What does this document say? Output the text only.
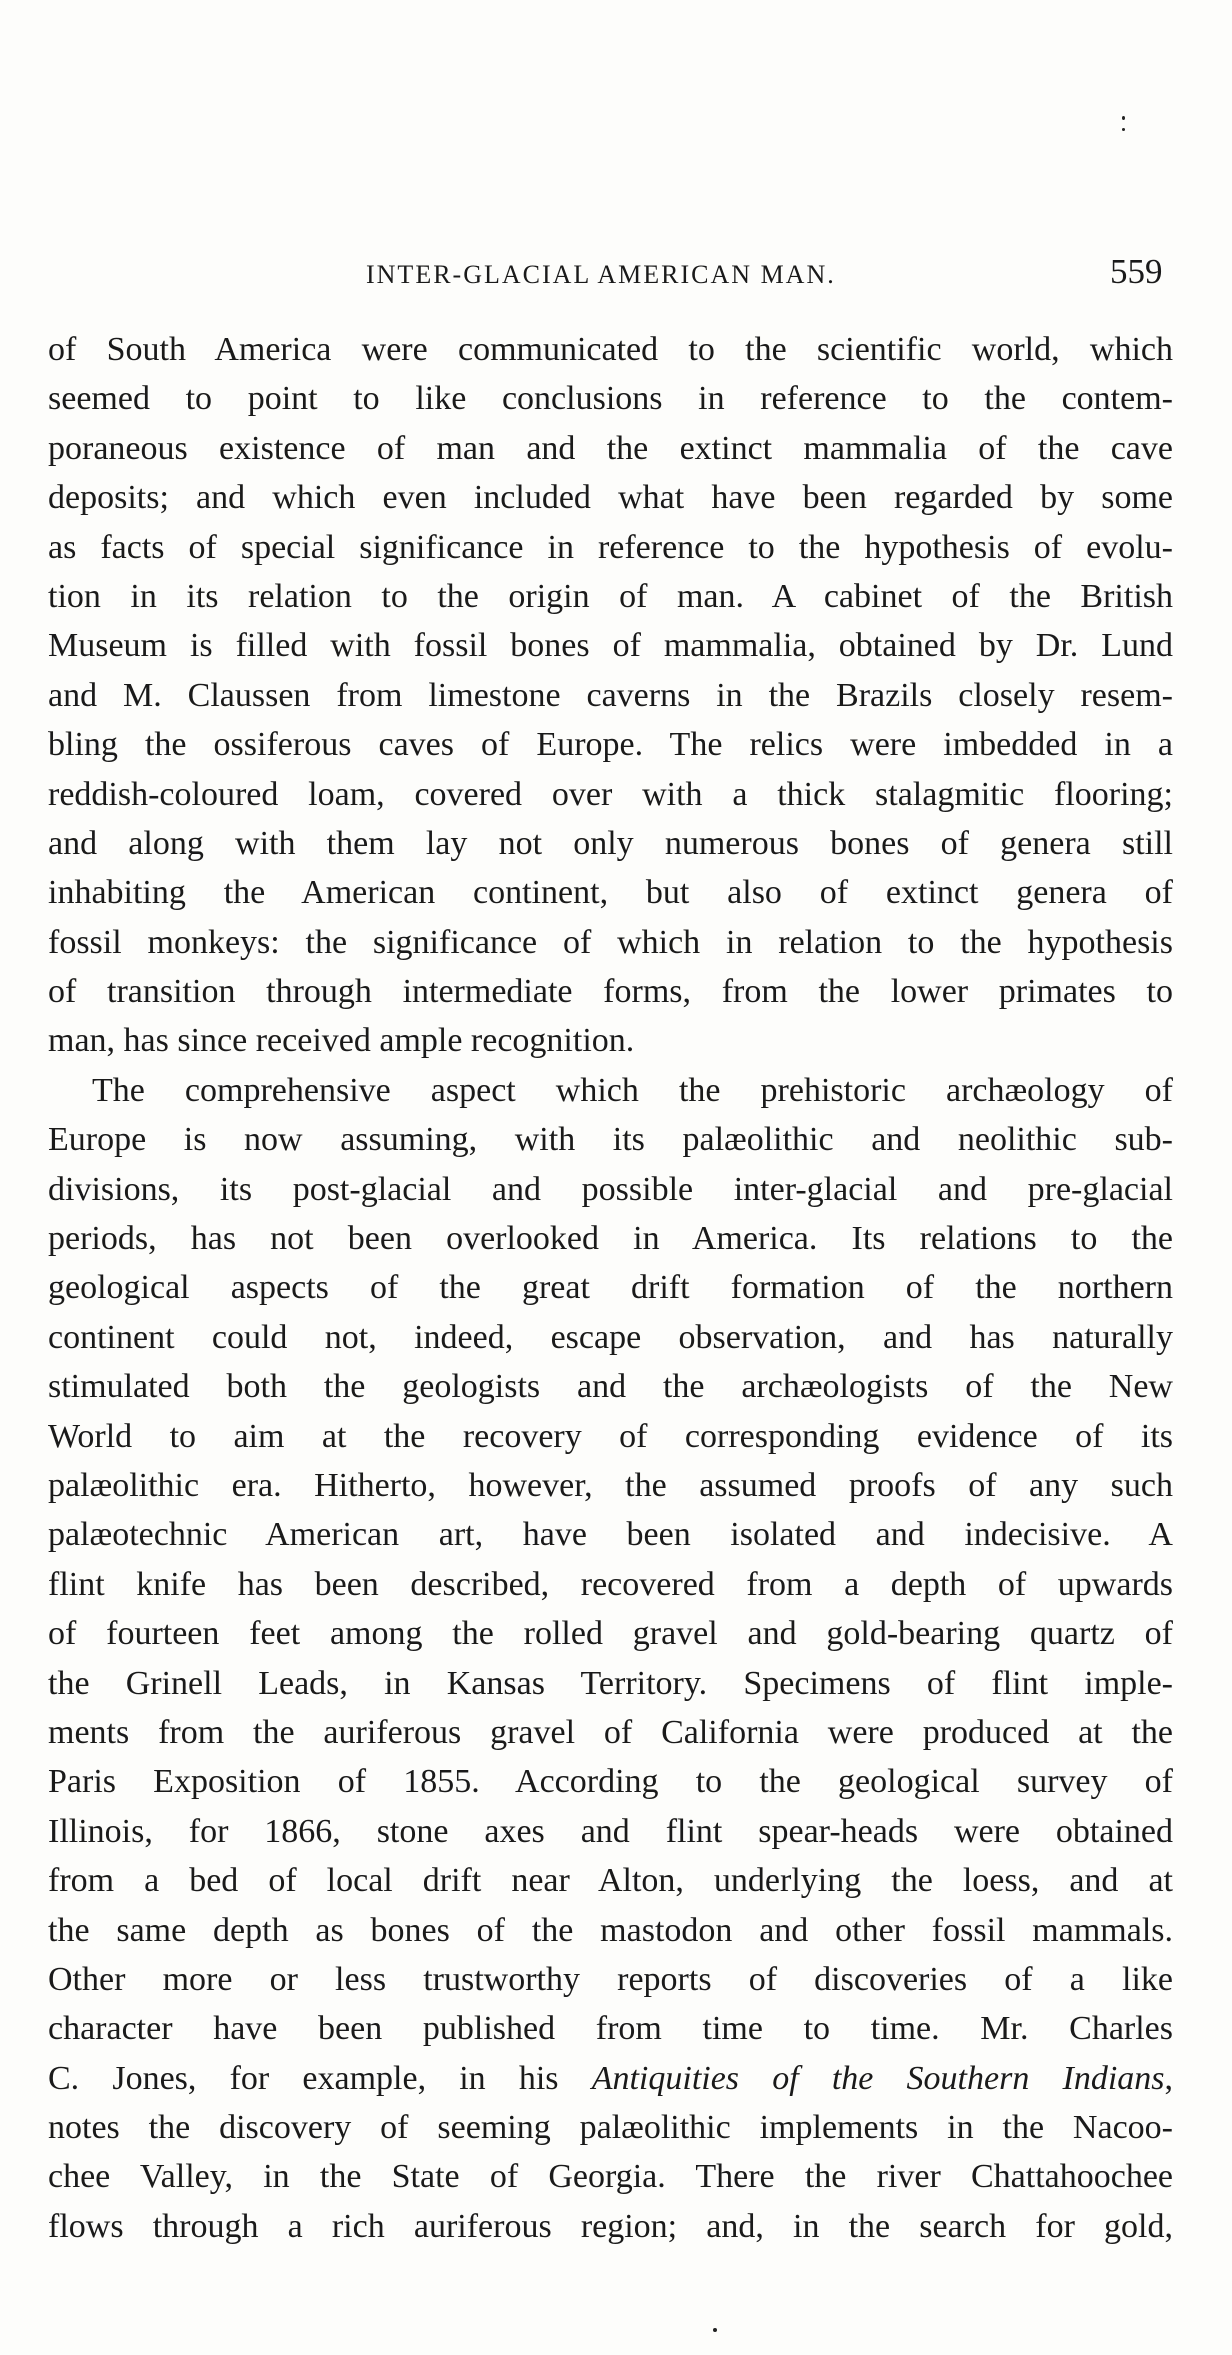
INTER-GLACIAL AMERICAN MAN.	559
of South America were communicated to the scientific world, which
seemed to point to like conclusions in reference to the contem-
poraneous existence of man and the extinct mammalia of the cave
deposits; and which even included what have been regarded by some
as facts of special significance in reference to the hypothesis of evolu-
tion in its relation to the origin of man. A cabinet of the British
Museum is filled with fossil bones of mammalia, obtained by Dr. Lund
and M. Claussen from limestone caverns in the Brazils closely resem-
bling the ossiferous caves of Europe. The relics were imbedded in a
reddish-coloured loam, covered over with a thick stalagmitic flooring;
and along with them lay not only numerous bones of genera still
inhabiting the American continent, but also of extinct genera of
fossil monkeys: the significance of which in relation to the hypothesis
of transition through intermediate forms, from the lower primates to
man, has since received ample recognition.
The comprehensive aspect which the prehistoric archæology of
Europe is now assuming, with its palæolithic and neolithic sub-
divisions, its post-glacial and possible inter-glacial and pre-glacial
periods, has not been overlooked in America. Its relations to the
geological aspects of the great drift formation of the northern
continent could not, indeed, escape observation, and has naturally
stimulated both the geologists and the archæologists of the New
World to aim at the recovery of corresponding evidence of its
palæolithic era. Hitherto, however, the assumed proofs of any such
palæotechnic American art, have been isolated and indecisive. A
flint knife has been described, recovered from a depth of upwards
of fourteen feet among the rolled gravel and gold-bearing quartz of
the Grinell Leads, in Kansas Territory. Specimens of flint imple-
ments from the auriferous gravel of California were produced at the
Paris Exposition of 1855. According to the geological survey of
Illinois, for 1866, stone axes and flint spear-heads were obtained
from a bed of local drift near Alton, underlying the loess, and at
the same depth as bones of the mastodon and other fossil mammals.
Other more or less trustworthy reports of discoveries of a like
character have been published from time to time. Mr. Charles
C. Jones, for example, in his Antiquities of the Southern Indians,
notes the discovery of seeming palæolithic implements in the Nacoo-
chee Valley, in the State of Georgia. There the river Chattahoochee
flows through a rich auriferous region; and, in the search for gold,
